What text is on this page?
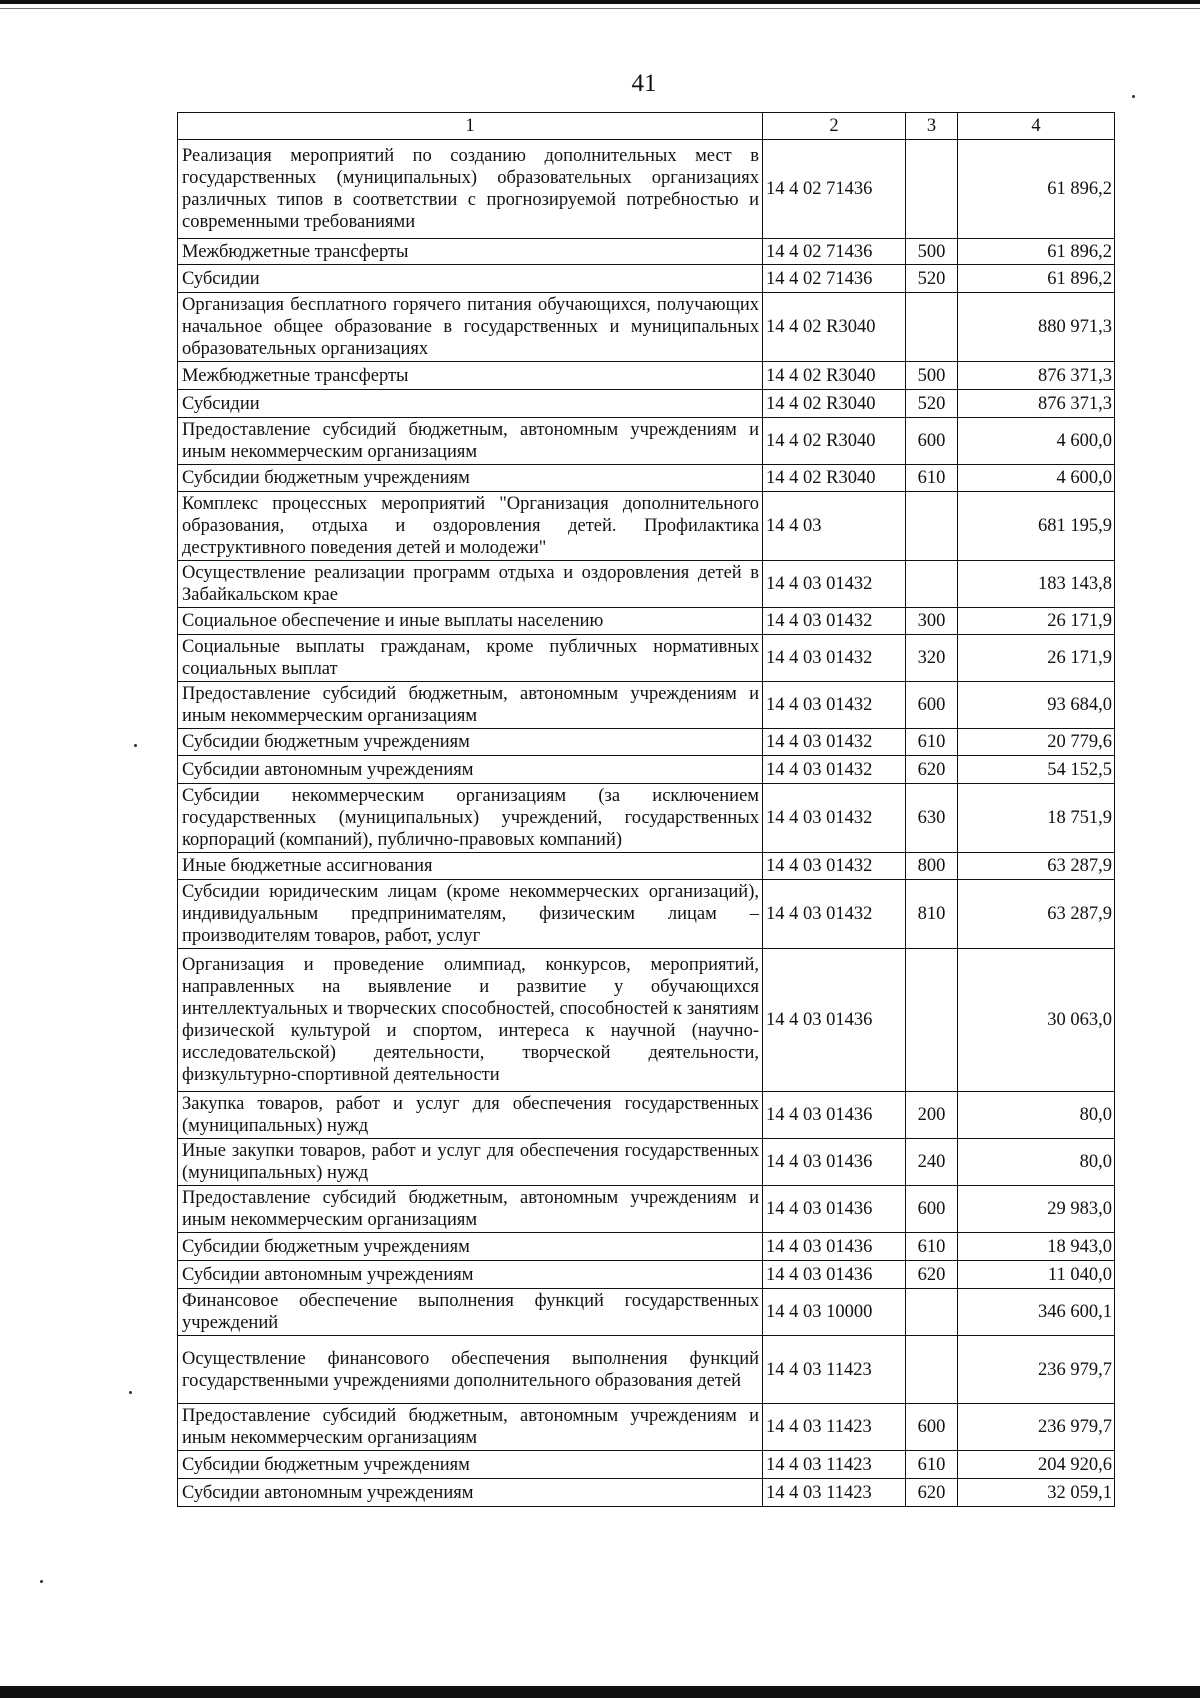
41
1	2	3	4
Реализация мероприятий по созданию дополнительных мест в государственных (муниципальных) образовательных организациях различных типов в соответствии с прогнозируемой потребностью и современными требованиями	14 4 02 71436		61 896,2
Межбюджетные трансферты	14 4 02 71436	500	61 896,2
Субсидии	14 4 02 71436	520	61 896,2
Организация бесплатного горячего питания обучающихся, получающих начальное общее образование в государственных и муниципальных образовательных организациях	14 4 02 R3040		880 971,3
Межбюджетные трансферты	14 4 02 R3040	500	876 371,3
Субсидии	14 4 02 R3040	520	876 371,3
Предоставление субсидий бюджетным, автономным учреждениям и иным некоммерческим организациям	14 4 02 R3040	600	4 600,0
Субсидии бюджетным учреждениям	14 4 02 R3040	610	4 600,0
Комплекс процессных мероприятий "Организация дополнительного образования, отдыха и оздоровления детей. Профилактика деструктивного поведения детей и молодежи"	14 4 03		681 195,9
Осуществление реализации программ отдыха и оздоровления детей в Забайкальском крае	14 4 03 01432		183 143,8
Социальное обеспечение и иные выплаты населению	14 4 03 01432	300	26 171,9
Социальные выплаты гражданам, кроме публичных нормативных социальных выплат	14 4 03 01432	320	26 171,9
Предоставление субсидий бюджетным, автономным учреждениям и иным некоммерческим организациям	14 4 03 01432	600	93 684,0
Субсидии бюджетным учреждениям	14 4 03 01432	610	20 779,6
Субсидии автономным учреждениям	14 4 03 01432	620	54 152,5
Субсидии некоммерческим организациям (за исключением государственных (муниципальных) учреждений, государственных корпораций (компаний), публично-правовых компаний)	14 4 03 01432	630	18 751,9
Иные бюджетные ассигнования	14 4 03 01432	800	63 287,9
Субсидии юридическим лицам (кроме некоммерческих организаций), индивидуальным предпринимателям, физическим лицам – производителям товаров, работ, услуг	14 4 03 01432	810	63 287,9
Организация и проведение олимпиад, конкурсов, мероприятий, направленных на выявление и развитие у обучающихся интеллектуальных и творческих способностей, способностей к занятиям физической культурой и спортом, интереса к научной (научно-исследовательской) деятельности, творческой деятельности, физкультурно-спортивной деятельности	14 4 03 01436		30 063,0
Закупка товаров, работ и услуг для обеспечения государственных (муниципальных) нужд	14 4 03 01436	200	80,0
Иные закупки товаров, работ и услуг для обеспечения государственных (муниципальных) нужд	14 4 03 01436	240	80,0
Предоставление субсидий бюджетным, автономным учреждениям и иным некоммерческим организациям	14 4 03 01436	600	29 983,0
Субсидии бюджетным учреждениям	14 4 03 01436	610	18 943,0
Субсидии автономным учреждениям	14 4 03 01436	620	11 040,0
Финансовое обеспечение выполнения функций государственных учреждений	14 4 03 10000		346 600,1
Осуществление финансового обеспечения выполнения функций государственными учреждениями дополнительного образования детей	14 4 03 11423		236 979,7
Предоставление субсидий бюджетным, автономным учреждениям и иным некоммерческим организациям	14 4 03 11423	600	236 979,7
Субсидии бюджетным учреждениям	14 4 03 11423	610	204 920,6
Субсидии автономным учреждениям	14 4 03 11423	620	32 059,1
